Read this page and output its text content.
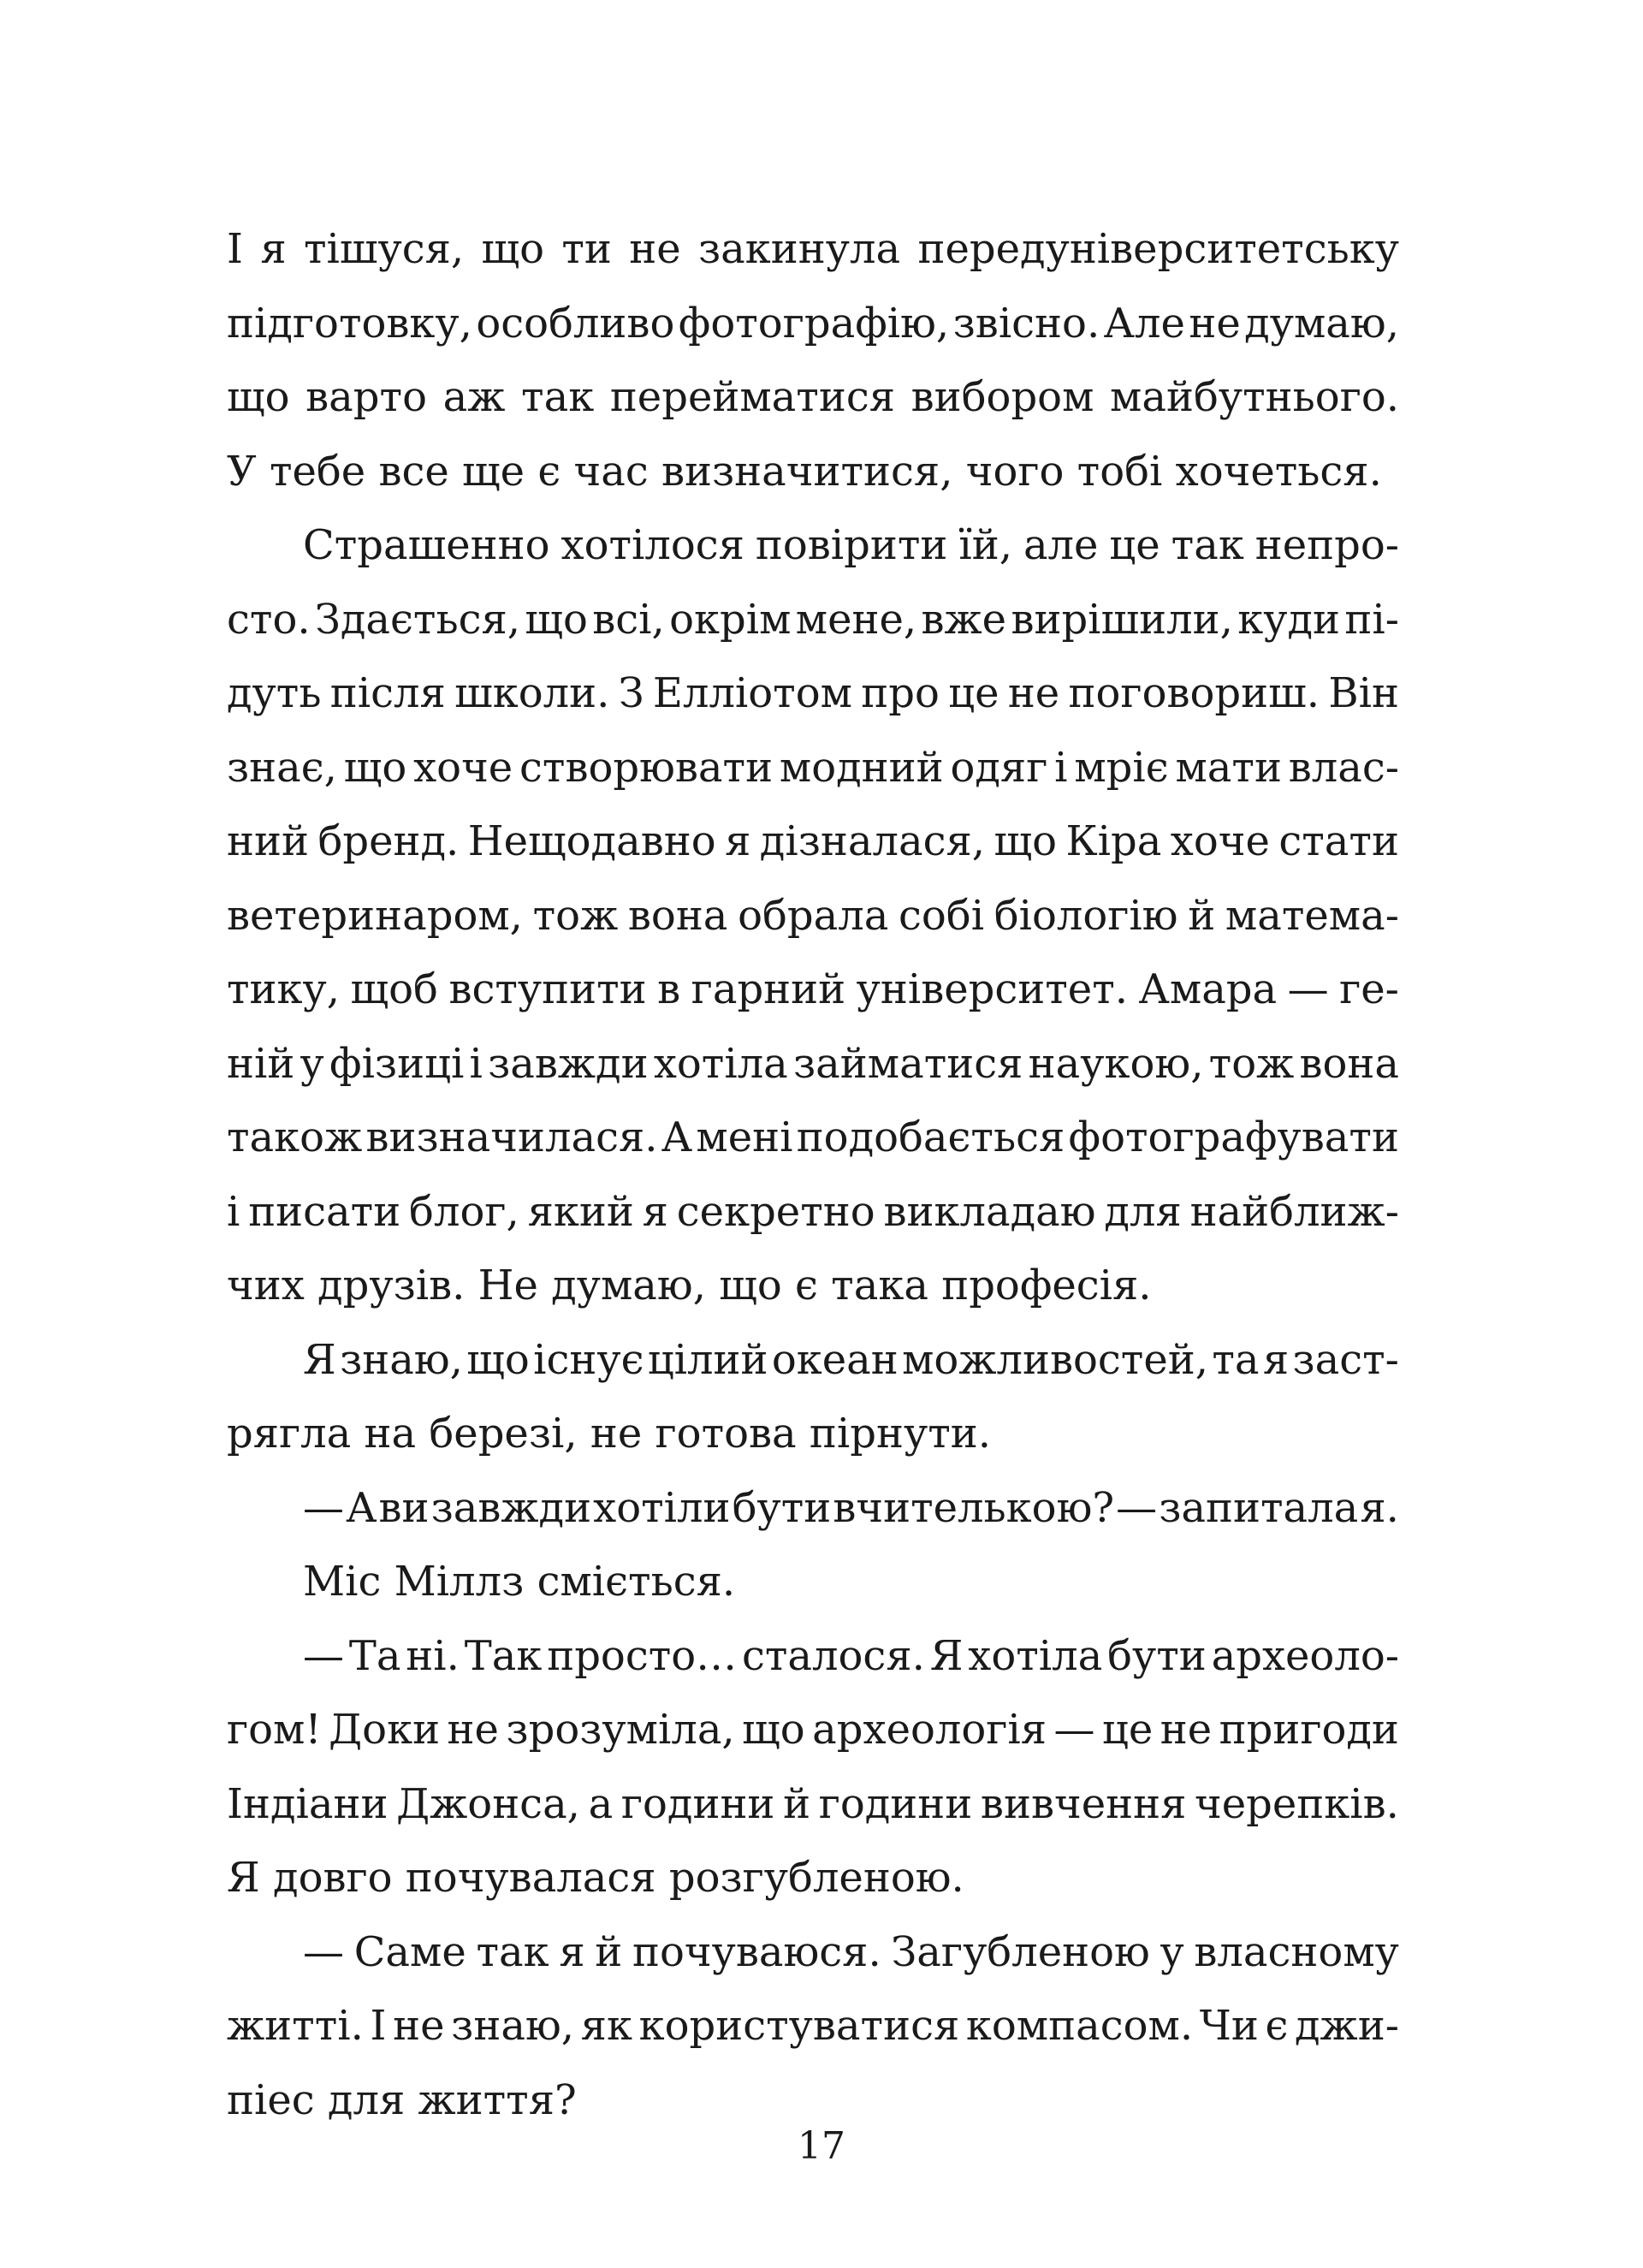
І я тішуся, що ти не закинула передуніверситетську
підготовку, особливо фотографію, звісно. Але не думаю,
що варто аж так перейматися вибором майбутнього.
У тебе все ще є час визначитися, чого тобі хочеться.
Страшенно хотілося повірити їй, але це так непро-
сто. Здається, що всі, окрім мене, вже вирішили, куди пі-
дуть після школи. З Елліотом про це не поговориш. Він
знає, що хоче створювати модний одяг і мріє мати влас-
ний бренд. Нещодавно я дізналася, що Кіра хоче стати
ветеринаром, тож вона обрала собі біологію й матема-
тику, щоб вступити в гарний університет. Амара — ге-
ній у фізиці і завжди хотіла займатися наукою, тож вона
також визначилася. А мені подобається фотографувати
і писати блог, який я секретно викладаю для найближ-
чих друзів. Не думаю, що є така професія.
Я знаю, що існує цілий океан можливостей, та я заст-
рягла на березі, не готова пірнути.
— А ви завжди хотіли бути вчителькою? — запитала я.
Міс Міллз сміється.
— Та ні. Так просто… сталося. Я хотіла бути археоло-
гом! Доки не зрозуміла, що археологія — це не пригоди
Індіани Джонса, а години й години вивчення черепків.
Я довго почувалася розгубленою.
— Саме так я й почуваюся. Загубленою у власному
житті. І не знаю, як користуватися компасом. Чи є джи-
піес для життя?
17
